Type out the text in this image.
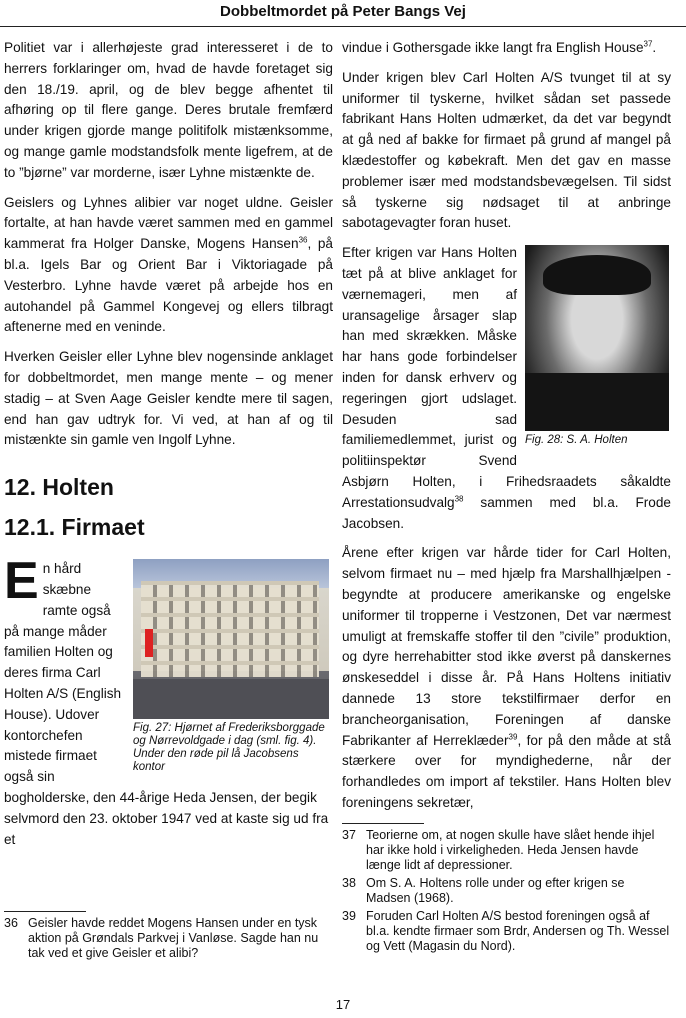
Dobbeltmordet på Peter Bangs Vej

Politiet var i allerhøjeste grad interesseret i de to herrers forklaringer om, hvad de havde foretaget sig den 18./19. april, og de blev begge afhentet til afhøring op til flere gange. Deres brutale fremfærd under krigen gjorde mange politifolk mistænksomme, og mange gamle modstandsfolk mente ligefrem, at de to ”bjørne” var morderne, især Lyhne mistænkte de.

Geislers og Lyhnes alibier var noget uldne. Geisler fortalte, at han havde været sammen med en gammel kammerat fra Holger Danske, Mogens Hansen$^{36}$, på bl.a. Igels Bar og Orient Bar i Viktoriagade på Vesterbro. Lyhne havde været på arbejde hos en autohandel på Gammel Kongevej og ellers tilbragt aftenerne med en veninde.

Hverken Geisler eller Lyhne blev nogensinde anklaget for dobbeltmordet, men mange mente – og mener stadig – at Sven Aage Geisler kendte mere til sagen, end han gav udtryk for. Vi ved, at han af og til mistænkte sin gamle ven Ingolf Lyhne.

12. Holten
12.1. Firmaet
Fig. 27: Hjørnet af Frederiksborggade og Nørrevoldgade i dag (sml. fig. 4). Under den røde pil lå Jacobsens kontor
E n hård skæbne ramte også på mange måder familien Holten og deres firma Carl Holten A/S (English House). Udover kontorchefen mistede firmaet også sin bogholderske, den 44-årige Heda Jensen, der begik selvmord den 23. oktober 1947 ved at kaste sig ud fra et

36 Geisler havde reddet Mogens Hansen under en tysk aktion på Grøndals Parkvej i Vanløse. Sagde han nu tak ved et give Geisler et alibi?

vindue i Gothersgade ikke langt fra English House$^{37}$.

Under krigen blev Carl Holten A/S tvunget til at sy uniformer til tyskerne, hvilket sådan set passede fabrikant Hans Holten udmærket, da det var begyndt at gå ned af bakke for firmaet på grund af mangel på klædestoffer og købekraft. Men det gav en masse problemer især med modstandsbevægelsen. Til sidst så tyskerne sig nødsaget til at anbringe sabotagevagter foran huset.

Fig. 28: S. A. Holten

Efter krigen var Hans Holten tæt på at blive anklaget for værnemageri, men af uransagelige årsager slap han med skrækken. Måske har hans gode forbindelser inden for dansk erhverv og regeringen gjort udslaget. Desuden sad familiemedlemmet, jurist og politiinspektør Svend Asbjørn Holten, i Frihedsraadets såkaldte Arrestationsudvalg$^{38}$ sammen med bl.a. Frode Jacobsen.

Årene efter krigen var hårde tider for Carl Holten, selvom firmaet nu – med hjælp fra Marshallhjælpen - begyndte at producere amerikanske og engelske uniformer til tropperne i Vestzonen, Det var nærmest umuligt at fremskaffe stoffer til den ”civile” produktion, og dyre herrehabitter stod ikke øverst på danskernes ønskeseddel i disse år. På Hans Holtens initiativ dannede 13 store tekstilfirmaer derfor en brancheorganisation, Foreningen af danske Fabrikanter af Herreklæder$^{39}$, for på den måde at stå stærkere over for myndighederne, når der forhandledes om import af tekstiler. Hans Holten blev foreningens sekretær,

37 Teorierne om, at nogen skulle have slået hende ihjel har ikke hold i virkeligheden. Heda Jensen havde længe lidt af depressioner.
38 Om S. A. Holtens rolle under og efter krigen se Madsen (1968).
39 Foruden Carl Holten A/S bestod foreningen også af bl.a. kendte firmaer som Brdr, Andersen og Th. Wessel og Vett (Magasin du Nord).
17
